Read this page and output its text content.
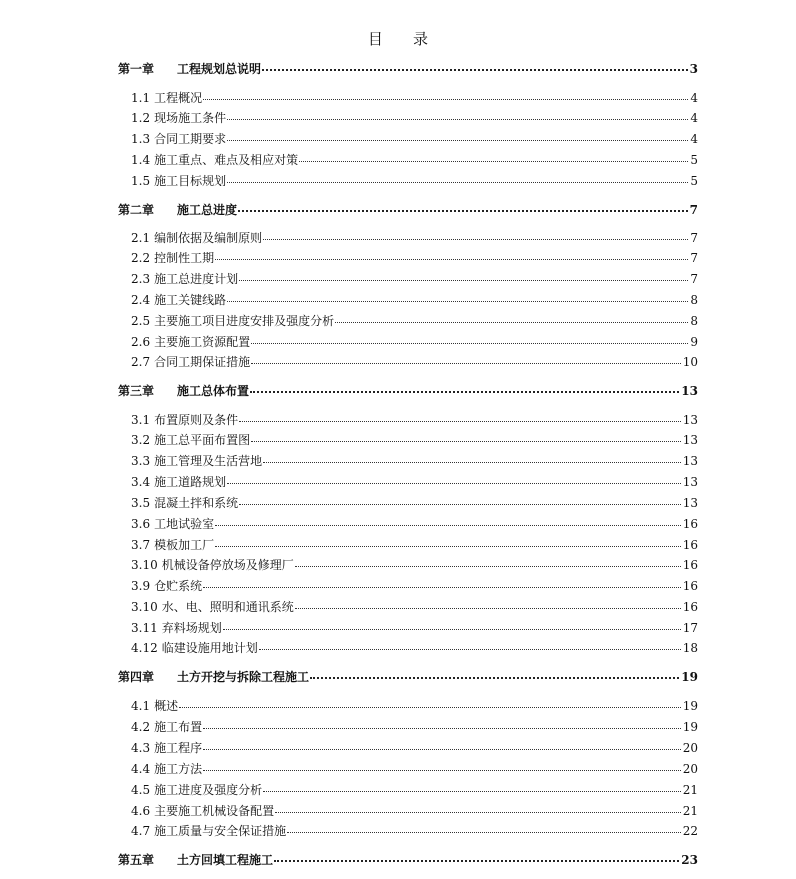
目 录
第一章 工程规划总说明	3
1.1 工程概况	4
1.2 现场施工条件	4
1.3 合同工期要求	4
1.4 施工重点、难点及相应对策	5
1.5 施工目标规划	5
第二章 施工总进度	7
2.1 编制依据及编制原则	7
2.2 控制性工期	7
2.3 施工总进度计划	7
2.4 施工关键线路	8
2.5 主要施工项目进度安排及强度分析	8
2.6 主要施工资源配置	9
2.7 合同工期保证措施	10
第三章 施工总体布置	13
3.1 布置原则及条件	13
3.2 施工总平面布置图	13
3.3 施工管理及生活营地	13
3.4 施工道路规划	13
3.5 混凝土拌和系统	13
3.6 工地试验室	16
3.7 模板加工厂	16
3.10 机械设备停放场及修理厂	16
3.9 仓贮系统	16
3.10 水、电、照明和通讯系统	16
3.11 弃料场规划	17
4.12 临建设施用地计划	18
第四章 土方开挖与拆除工程施工	19
4.1 概述	19
4.2 施工布置	19
4.3 施工程序	20
4.4 施工方法	20
4.5 施工进度及强度分析	21
4.6 主要施工机械设备配置	21
4.7 施工质量与安全保证措施	22
第五章 土方回填工程施工	23
